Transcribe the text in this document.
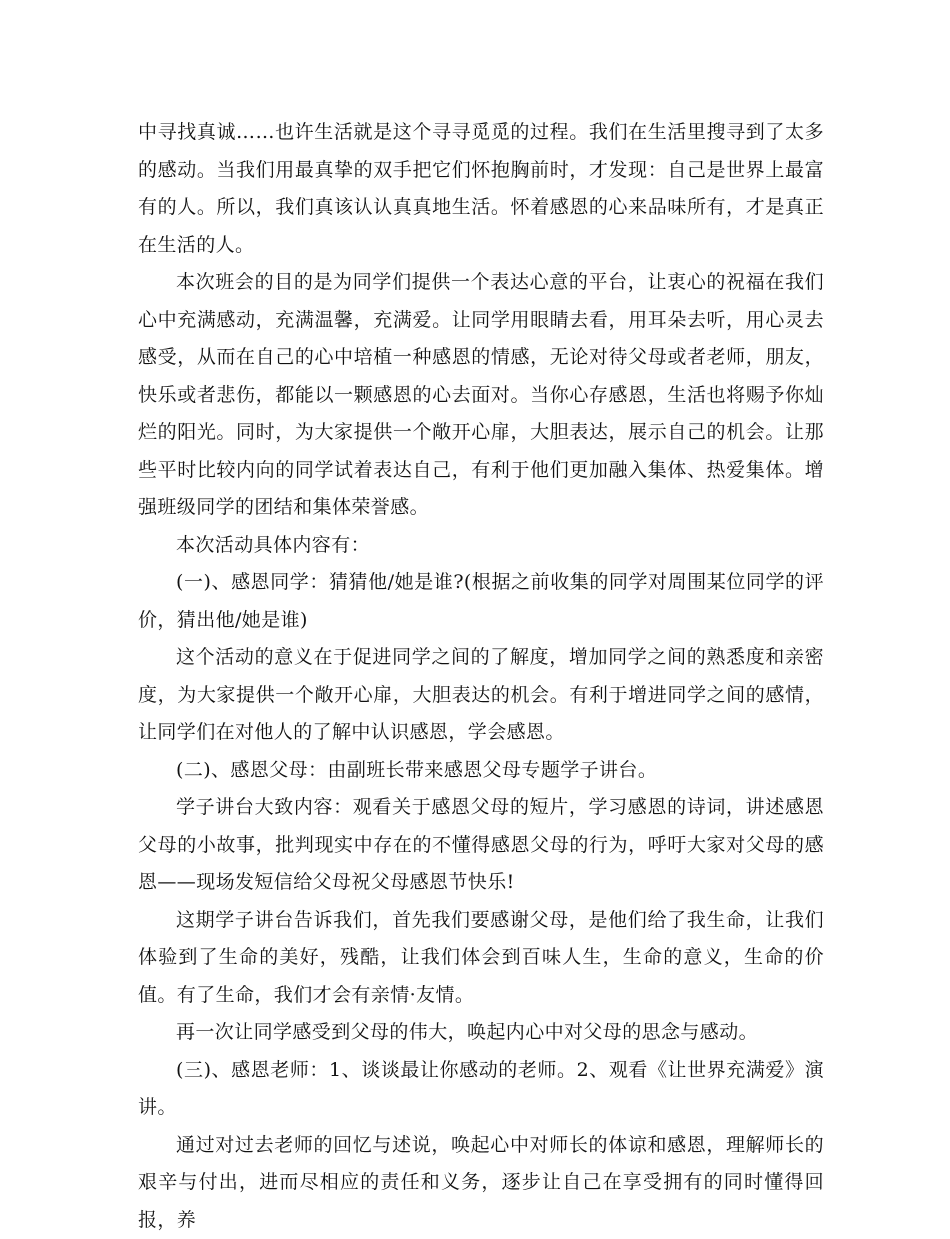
中寻找真诚……也许生活就是这个寻寻觅觅的过程。我们在生活里搜寻到了太多的感动。当我们用最真挚的双手把它们怀抱胸前时，才发现：自己是世界上最富有的人。所以，我们真该认认真真地生活。怀着感恩的心来品味所有，才是真正在生活的人。

本次班会的目的是为同学们提供一个表达心意的平台，让衷心的祝福在我们心中充满感动，充满温馨，充满爱。让同学用眼睛去看，用耳朵去听，用心灵去感受，从而在自己的心中培植一种感恩的情感，无论对待父母或者老师，朋友，快乐或者悲伤，都能以一颗感恩的心去面对。当你心存感恩，生活也将赐予你灿烂的阳光。同时，为大家提供一个敞开心扉，大胆表达，展示自己的机会。让那些平时比较内向的同学试着表达自己，有利于他们更加融入集体、热爱集体。增强班级同学的团结和集体荣誉感。

本次活动具体内容有：

(一)、感恩同学：猜猜他/她是谁?(根据之前收集的同学对周围某位同学的评价，猜出他/她是谁)

这个活动的意义在于促进同学之间的了解度，增加同学之间的熟悉度和亲密度，为大家提供一个敞开心扉，大胆表达的机会。有利于增进同学之间的感情，让同学们在对他人的了解中认识感恩，学会感恩。

(二)、感恩父母：由副班长带来感恩父母专题学子讲台。

学子讲台大致内容：观看关于感恩父母的短片，学习感恩的诗词，讲述感恩父母的小故事，批判现实中存在的不懂得感恩父母的行为，呼吁大家对父母的感恩——现场发短信给父母祝父母感恩节快乐!

这期学子讲台告诉我们，首先我们要感谢父母，是他们给了我生命，让我们体验到了生命的美好，残酷，让我们体会到百味人生，生命的意义，生命的价值。有了生命，我们才会有亲情·友情。

再一次让同学感受到父母的伟大，唤起内心中对父母的思念与感动。

(三)、感恩老师：1、谈谈最让你感动的老师。2、观看《让世界充满爱》演讲。

通过对过去老师的回忆与述说，唤起心中对师长的体谅和感恩，理解师长的艰辛与付出，进而尽相应的责任和义务，逐步让自己在享受拥有的同时懂得回报，养
